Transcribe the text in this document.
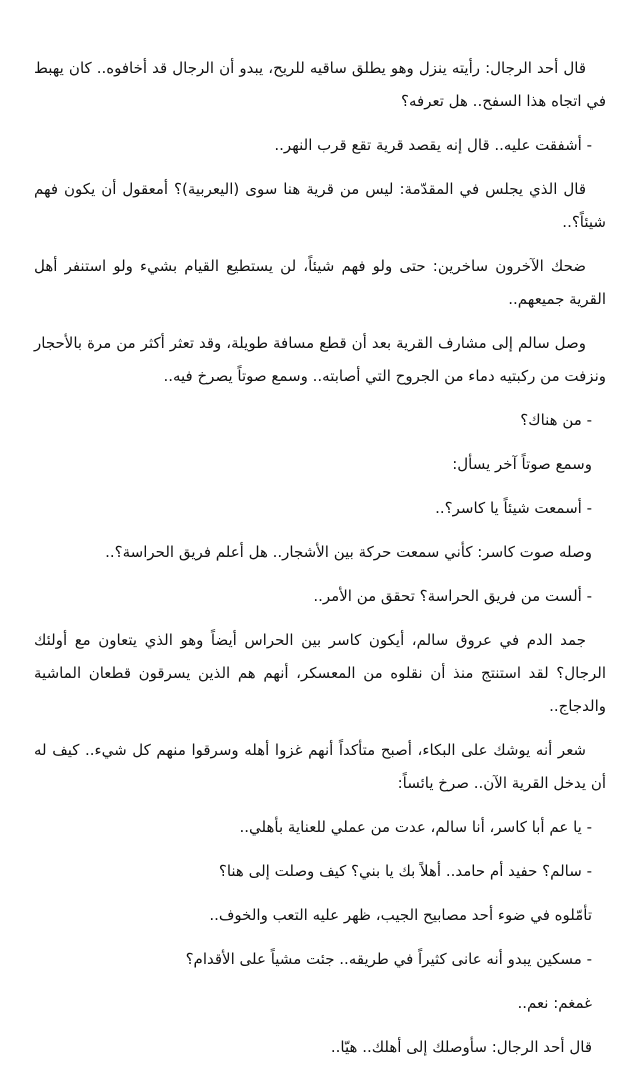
قال أحد الرجال: رأيته ينزل وهو يطلق ساقيه للريح، يبدو أن الرجال قد أخافوه.. كان يهبط في اتجاه هذا السفح.. هل تعرفه؟

- أشفقت عليه.. قال إنه يقصد قرية تقع قرب النهر..

قال الذي يجلس في المقدّمة: ليس من قرية هنا سوى (اليعربية)؟ أمعقول أن يكون فهم شيئاً؟..

ضحك الآخرون ساخرين: حتى ولو فهم شيئاً، لن يستطيع القيام بشيء ولو استنفر أهل القرية جميعهم..

وصل سالم إلى مشارف القرية بعد أن قطع مسافة طويلة، وقد تعثر أكثر من مرة بالأحجار ونزفت من ركبتيه دماء من الجروح التي أصابته.. وسمع صوتاً يصرخ فيه..

- من هناك؟

وسمع صوتاً آخر يسأل:

- أسمعت شيئاً يا كاسر؟..

وصله صوت كاسر: كأني سمعت حركة بين الأشجار.. هل أعلم فريق الحراسة؟..

- ألست من فريق الحراسة؟ تحقق من الأمر..

جمد الدم في عروق سالم، أيكون كاسر بين الحراس أيضاً وهو الذي يتعاون مع أولئك الرجال؟ لقد استنتج منذ أن نقلوه من المعسكر، أنهم هم الذين يسرقون قطعان الماشية والدجاج..

شعر أنه يوشك على البكاء، أصبح متأكداً أنهم غزوا أهله وسرقوا منهم كل شيء.. كيف له أن يدخل القرية الآن.. صرخ يائساً:

- يا عم أبا كاسر، أنا سالم، عدت من عملي للعناية بأهلي..

- سالم؟ حفيد أم حامد.. أهلاً بك يا بني؟ كيف وصلت إلى هنا؟

تأمّلوه في ضوء أحد مصابيح الجيب، ظهر عليه التعب والخوف..

- مسكين يبدو أنه عانى كثيراً في طريقه.. جئت مشياً على الأقدام؟

غمغم: نعم..

قال أحد الرجال: سأوصلك إلى أهلك.. هيّا..
